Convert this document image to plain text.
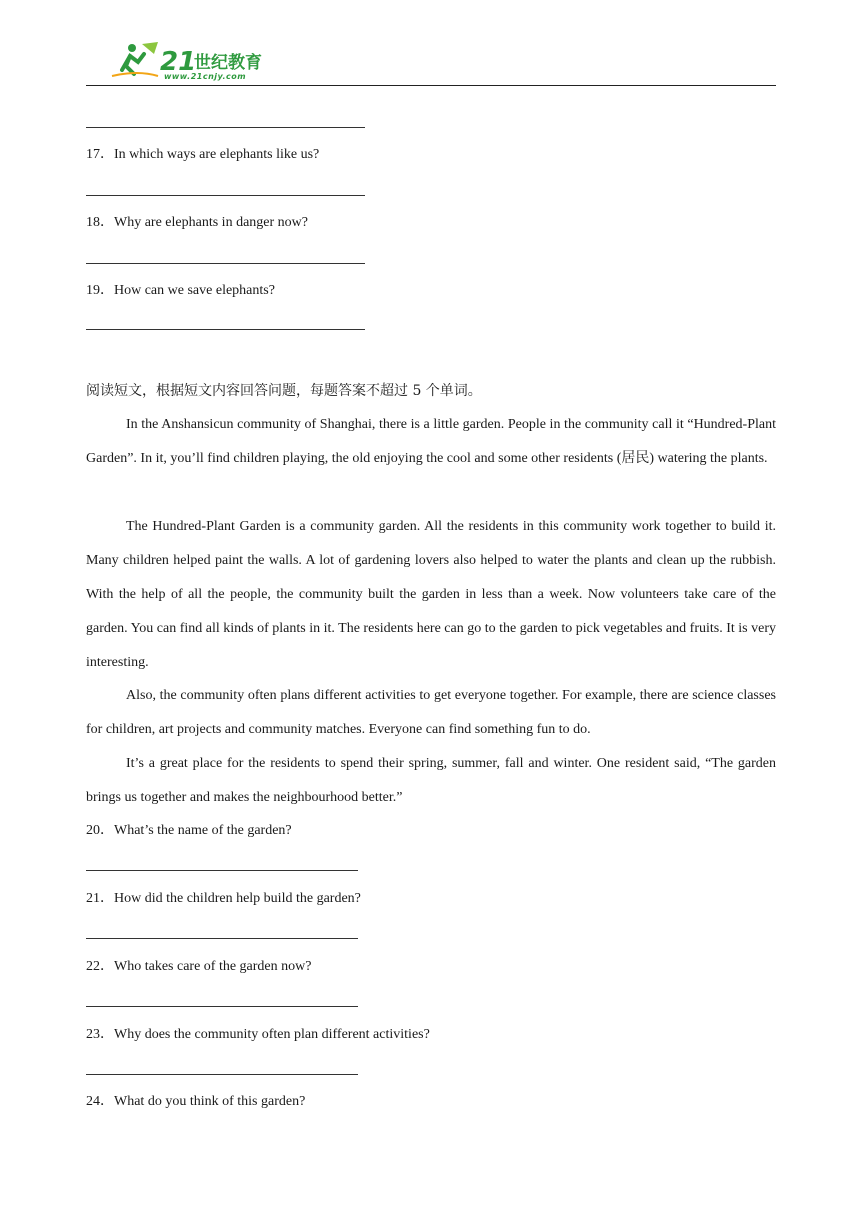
21
世纪教育
www.21cnjy.com
17．In which ways are elephants like us?
18．Why are elephants in danger now?
19．How can we save elephants?
阅读短文，根据短文内容回答问题，每题答案不超过 5 个单词。

In the Anshansicun community of Shanghai, there is a little garden. People in the community call it “Hundred-Plant Garden”. In it, you’ll find children playing, the old enjoying the cool and some other residents (居民) watering the plants.

The Hundred-Plant Garden is a community garden. All the residents in this community work together to build it. Many children helped paint the walls. A lot of gardening lovers also helped to water the plants and clean up the rubbish. With the help of all the people, the community built the garden in less than a week. Now volunteers take care of the garden. You can find all kinds of plants in it. The residents here can go to the garden to pick vegetables and fruits. It is very interesting.

Also, the community often plans different activities to get everyone together. For example, there are science classes for children, art projects and community matches. Everyone can find something fun to do.

It’s a great place for the residents to spend their spring, summer, fall and winter. One resident said, “The garden brings us together and makes the neighbourhood better.”

20．What’s the name of the garden?
21．How did the children help build the garden?
22．Who takes care of the garden now?
23．Why does the community often plan different activities?
24．What do you think of this garden?
